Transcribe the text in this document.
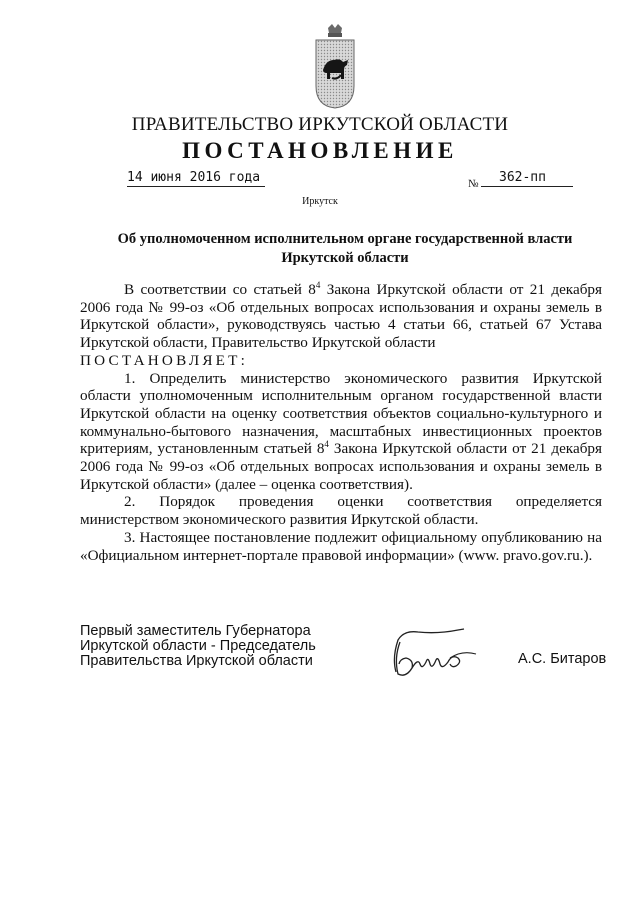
ПРАВИТЕЛЬСТВО ИРКУТСКОЙ ОБЛАСТИ
ПОСТАНОВЛЕНИЕ
14 июня 2016 года	№	362-пп
Иркутск
Об уполномоченном исполнительном органе государственной власти Иркутской области

В соответствии со статьей $8^4$ Закона Иркутской области от 21 декабря 2006 года № 99-оз «Об отдельных вопросах использования и охраны земель в Иркутской области», руководствуясь частью 4 статьи 66, статьей 67 Устава Иркутской области, Правительство Иркутской области

ПОСТАНОВЛЯЕТ:

1. Определить министерство экономического развития Иркутской области уполномоченным исполнительным органом государственной власти Иркутской области на оценку соответствия объектов социально-культурного и коммунально-бытового назначения, масштабных инвестиционных проектов критериям, установленным статьей $8^4$ Закона Иркутской области от 21 декабря 2006 года № 99-оз «Об отдельных вопросах использования и охраны земель в Иркутской области» (далее – оценка соответствия).

2. Порядок проведения оценки соответствия определяется министерством экономического развития Иркутской области.

3. Настоящее постановление подлежит официальному опубликованию на «Официальном интернет-портале правовой информации» (www. pravo.gov.ru.).

Первый заместитель Губернатора
Иркутской области - Председатель
Правительства Иркутской области	А.С. Битаров
